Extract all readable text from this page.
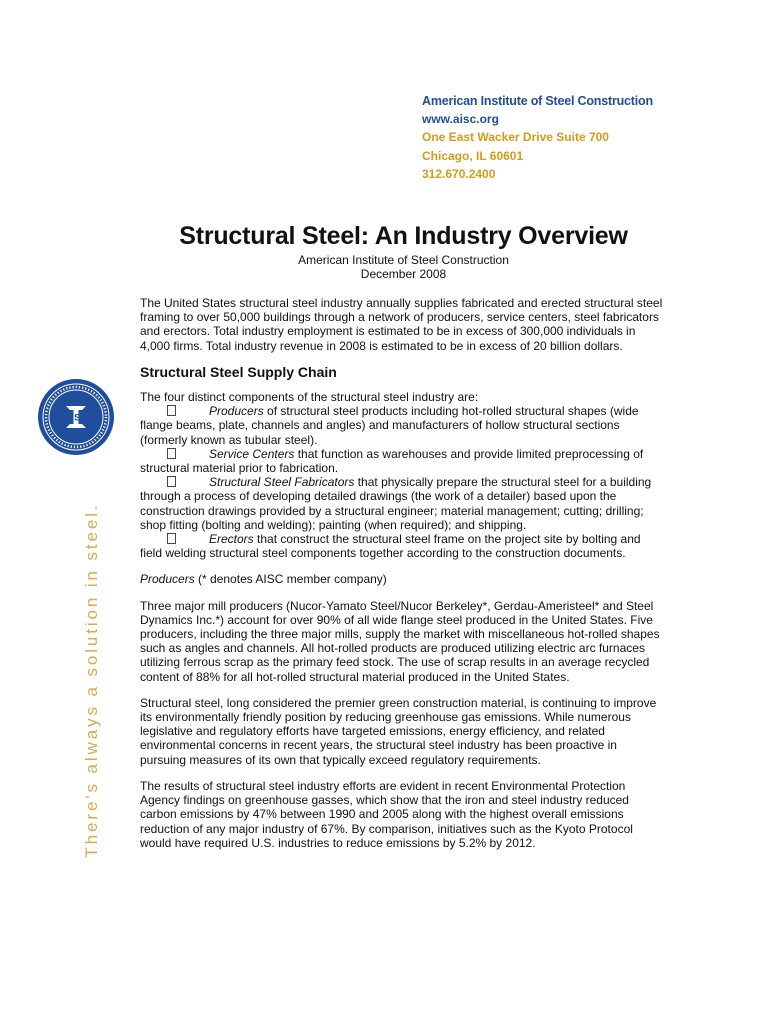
American Institute of Steel Construction
www.aisc.org
One East Wacker Drive Suite 700
Chicago, IL 60601
312.670.2400
Structural Steel: An Industry Overview
American Institute of Steel Construction
December 2008
AISC
There's always a solution in steel.

The United States structural steel industry annually supplies fabricated and erected structural steel framing to over 50,000 buildings through a network of producers, service centers, steel fabricators and erectors. Total industry employment is estimated to be in excess of 300,000 individuals in 4,000 firms. Total industry revenue in 2008 is estimated to be in excess of 20 billion dollars.

Structural Steel Supply Chain

The four distinct components of the structural steel industry are:

Producers of structural steel products including hot-rolled structural shapes (wide flange beams, plate, channels and angles) and manufacturers of hollow structural sections (formerly known as tubular steel).
Service Centers that function as warehouses and provide limited preprocessing of structural material prior to fabrication.
Structural Steel Fabricators that physically prepare the structural steel for a building through a process of developing detailed drawings (the work of a detailer) based upon the construction drawings provided by a structural engineer; material management; cutting; drilling; shop fitting (bolting and welding); painting (when required); and shipping.
Erectors that construct the structural steel frame on the project site by bolting and field welding structural steel components together according to the construction documents.

Producers (* denotes AISC member company)

Three major mill producers (Nucor-Yamato Steel/Nucor Berkeley*, Gerdau-Ameristeel* and Steel Dynamics Inc.*) account for over 90% of all wide flange steel produced in the United States. Five producers, including the three major mills, supply the market with miscellaneous hot-rolled shapes such as angles and channels. All hot-rolled products are produced utilizing electric arc furnaces utilizing ferrous scrap as the primary feed stock. The use of scrap results in an average recycled content of 88% for all hot-rolled structural material produced in the United States.

Structural steel, long considered the premier green construction material, is continuing to improve its environmentally friendly position by reducing greenhouse gas emissions. While numerous legislative and regulatory efforts have targeted emissions, energy efficiency, and related environmental concerns in recent years, the structural steel industry has been proactive in pursuing measures of its own that typically exceed regulatory requirements.

The results of structural steel industry efforts are evident in recent Environmental Protection Agency findings on greenhouse gasses, which show that the iron and steel industry reduced carbon emissions by 47% between 1990 and 2005 along with the highest overall emissions reduction of any major industry of 67%. By comparison, initiatives such as the Kyoto Protocol would have required U.S. industries to reduce emissions by 5.2% by 2012.
